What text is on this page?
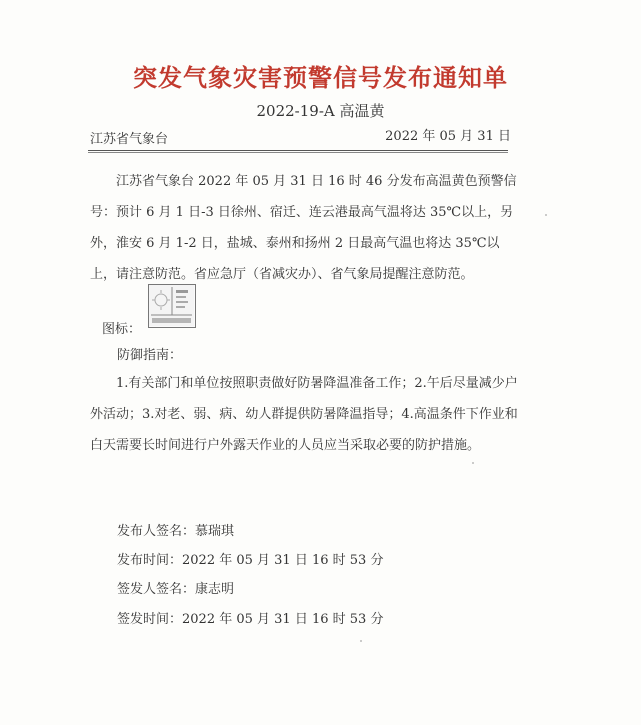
突发气象灾害预警信号发布通知单
2022-19-A 高温黄
江苏省气象台	2022 年 05 月 31 日

江苏省气象台 2022 年 05 月 31 日 16 时 46 分发布高温黄色预警信号：预计 6 月 1 日-3 日徐州、宿迁、连云港最高气温将达 35℃以上，另外，淮安 6 月 1-2 日，盐城、泰州和扬州 2 日最高气温也将达 35℃以上，请注意防范。省应急厅（省减灾办）、省气象局提醒注意防范。

图标：
防御指南：

1.有关部门和单位按照职责做好防暑降温准备工作；2.午后尽量减少户外活动；3.对老、弱、病、幼人群提供防暑降温指导；4.高温条件下作业和白天需要长时间进行户外露天作业的人员应当采取必要的防护措施。

发布人签名：慕瑞琪
发布时间：2022 年 05 月 31 日 16 时 53 分
签发人签名：康志明
签发时间：2022 年 05 月 31 日 16 时 53 分
